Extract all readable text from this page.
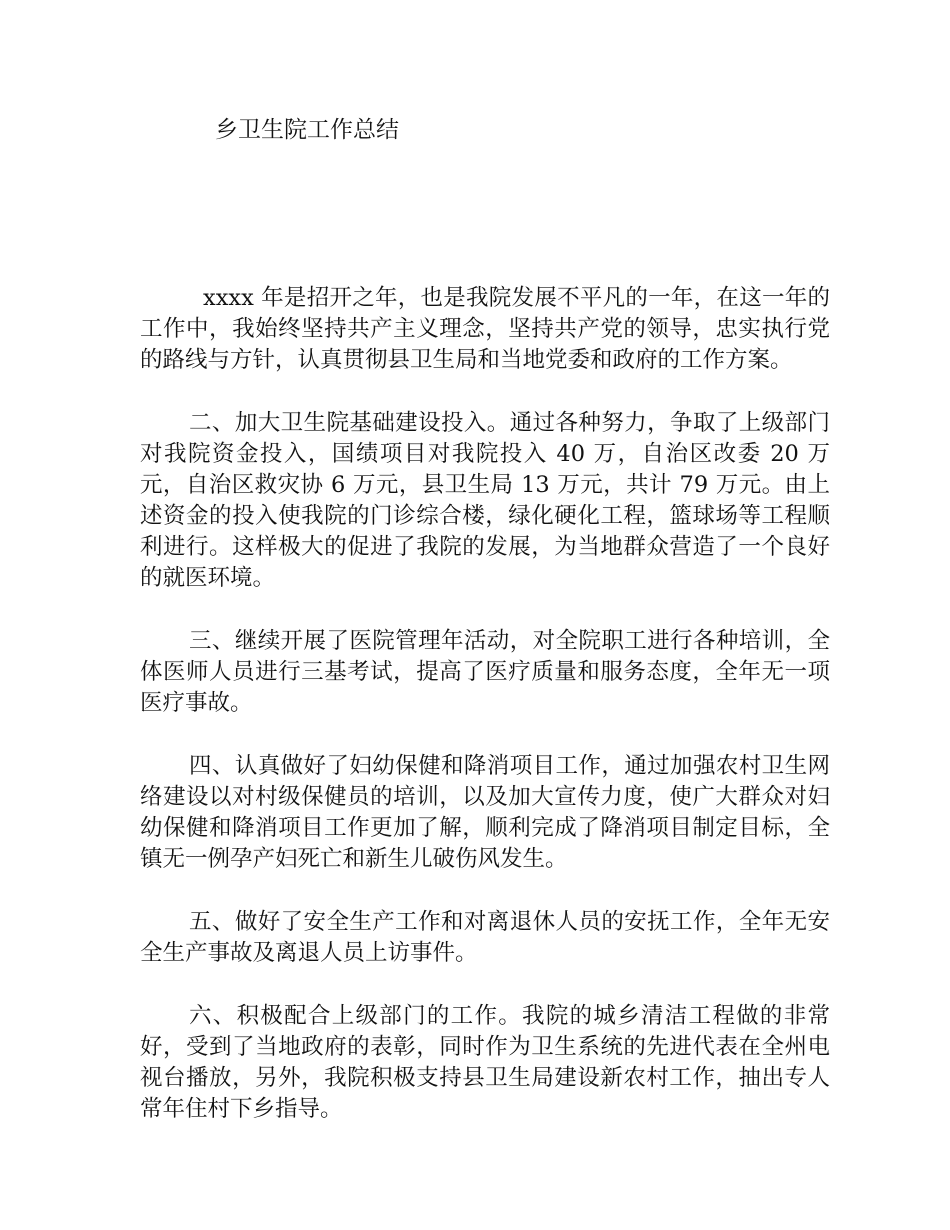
乡卫生院工作总结

xxxx 年是招开之年，也是我院发展不平凡的一年，在这一年的工作中，我始终坚持共产主义理念，坚持共产党的领导，忠实执行党的路线与方针，认真贯彻县卫生局和当地党委和政府的工作方案。

二、加大卫生院基础建设投入。通过各种努力，争取了上级部门对我院资金投入，国绩项目对我院投入 40 万，自治区改委 20 万元，自治区救灾协 6 万元，县卫生局 13 万元，共计 79 万元。由上述资金的投入使我院的门诊综合楼，绿化硬化工程，篮球场等工程顺利进行。这样极大的促进了我院的发展，为当地群众营造了一个良好的就医环境。

三、继续开展了医院管理年活动，对全院职工进行各种培训，全体医师人员进行三基考试，提高了医疗质量和服务态度，全年无一项医疗事故。

四、认真做好了妇幼保健和降消项目工作，通过加强农村卫生网络建设以对村级保健员的培训，以及加大宣传力度，使广大群众对妇幼保健和降消项目工作更加了解，顺利完成了降消项目制定目标，全镇无一例孕产妇死亡和新生儿破伤风发生。

五、做好了安全生产工作和对离退休人员的安抚工作，全年无安全生产事故及离退人员上访事件。

六、积极配合上级部门的工作。我院的城乡清洁工程做的非常好，受到了当地政府的表彰，同时作为卫生系统的先进代表在全州电视台播放，另外，我院积极支持县卫生局建设新农村工作，抽出专人常年住村下乡指导。
